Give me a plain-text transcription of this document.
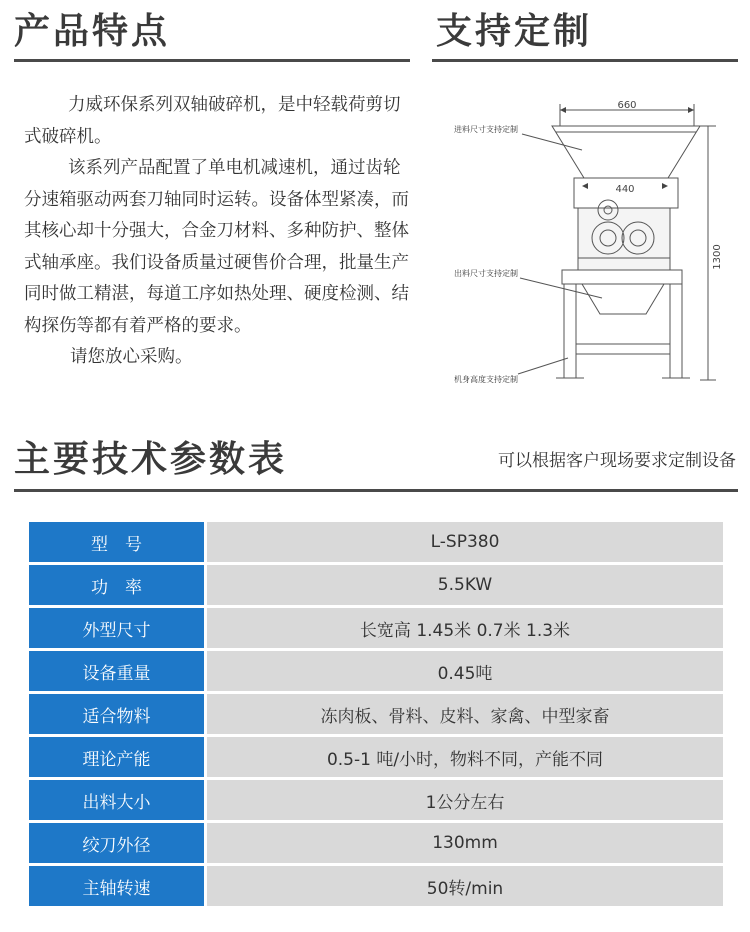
产品特点

力威环保系列双轴破碎机，是中轻载荷剪切式破碎机。

该系列产品配置了单电机减速机，通过齿轮分速箱驱动两套刀轴同时运转。设备体型紧凑，而其核心却十分强大，合金刀材料、多种防护、整体式轴承座。我们设备质量过硬售价合理，批量生产同时做工精湛，每道工序如热处理、硬度检测、结构探伤等都有着严格的要求。

请您放心采购。

支持定制
660
440
1300
进料尺寸支持定制
出料尺寸支持定制
机身高度支持定制
主要技术参数表	可以根据客户现场要求定制设备
型　号	L-SP380
功　率	5.5KW
外型尺寸	长宽高 1.45米 0.7米 1.3米
设备重量	0.45吨
适合物料	冻肉板、骨料、皮料、家禽、中型家畜
理论产能	0.5-1 吨/小时，物料不同，产能不同
出料大小	1公分左右
绞刀外径	130mm
主轴转速	50转/min
